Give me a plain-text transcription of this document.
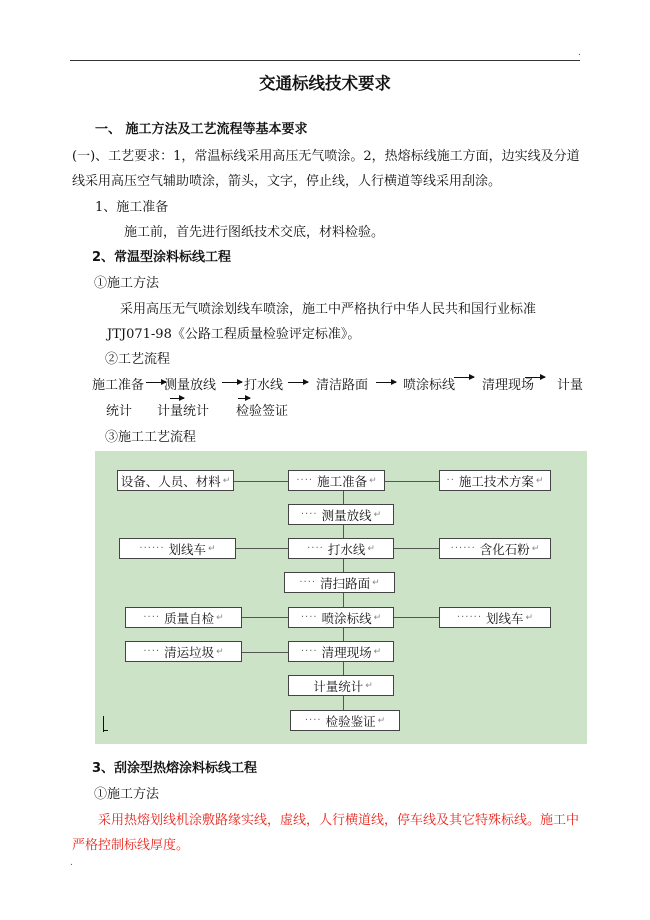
.
交通标线技术要求
一、 施工方法及工艺流程等基本要求
(一)、工艺要求：1，常温标线采用高压无气喷涂。2，热熔标线施工方面，边实线及分道
线采用高压空气辅助喷涂，箭头，文字，停止线，人行横道等线采用刮涂。
1、施工准备
施工前，首先进行图纸技术交底，材料检验。
2、常温型涂料标线工程
①施工方法
采用高压无气喷涂划线车喷涂，施工中严格执行中华人民共和国行业标准
JTJ071-98《公路工程质量检验评定标准》。
②工艺流程
施工准备 测量放线 打水线	清洁路面	喷涂标线 清理现场 计量
统计 计量统计 检验签证
③施工工艺流程
···· 施工准备 ↵
···· 测量放线 ↵
···· 打水线 ↵
···· 清扫路面 ↵
···· 喷涂标线 ↵
···· 清理现场 ↵
计量统计 ↵
···· 检验鉴证 ↵
设备、人员、材料 ↵
······ 划线车 ↵
···· 质量自检 ↵
···· 清运垃圾 ↵
·· 施工技术方案 ↵
······ 含化石粉 ↵
······ 划线车 ↵
3、刮涂型热熔涂料标线工程
①施工方法
采用热熔划线机涂敷路缘实线，虚线，人行横道线，停车线及其它特殊标线。施工中
严格控制标线厚度。
.
